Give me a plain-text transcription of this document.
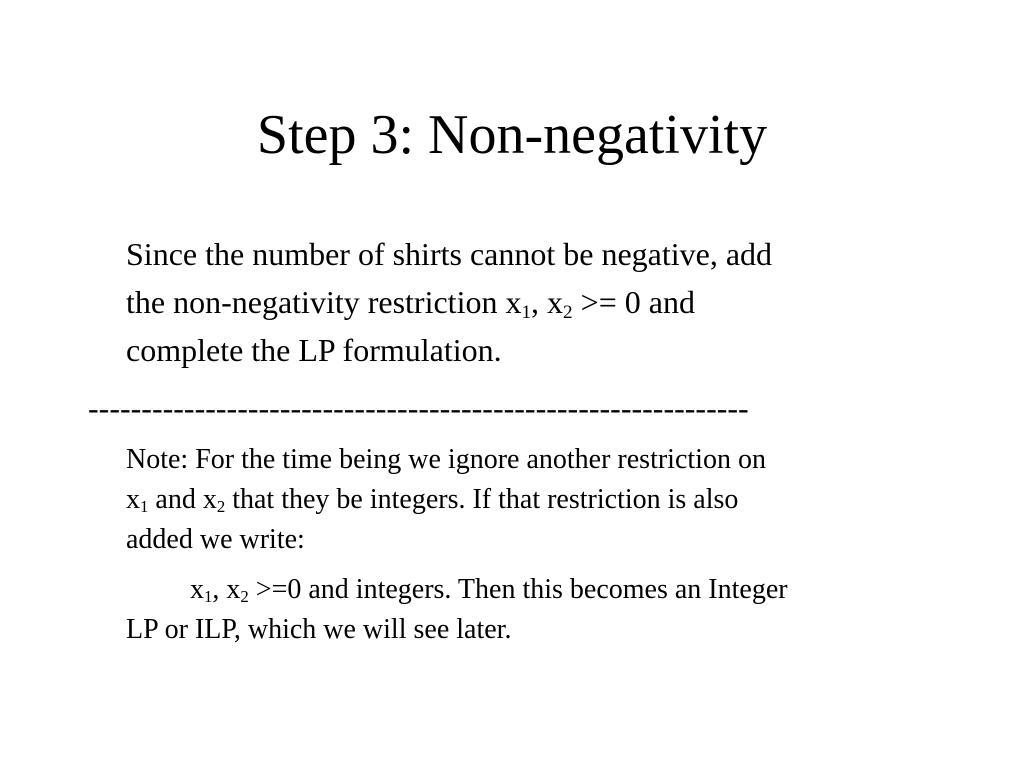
Step 3: Non-negativity

Since the number of shirts cannot be negative, add
the non-negativity restriction $x_1$, $x_2 >= 0$ and
complete the LP formulation.

--------------------------------------------------------------

Note: For the time being we ignore another restriction on
$x_1$ and $x_2$ that they be integers. If that restriction is also
added we write:

$x_1$, $x_2 >=0$ and integers. Then this becomes an Integer
LP or ILP, which we will see later.
